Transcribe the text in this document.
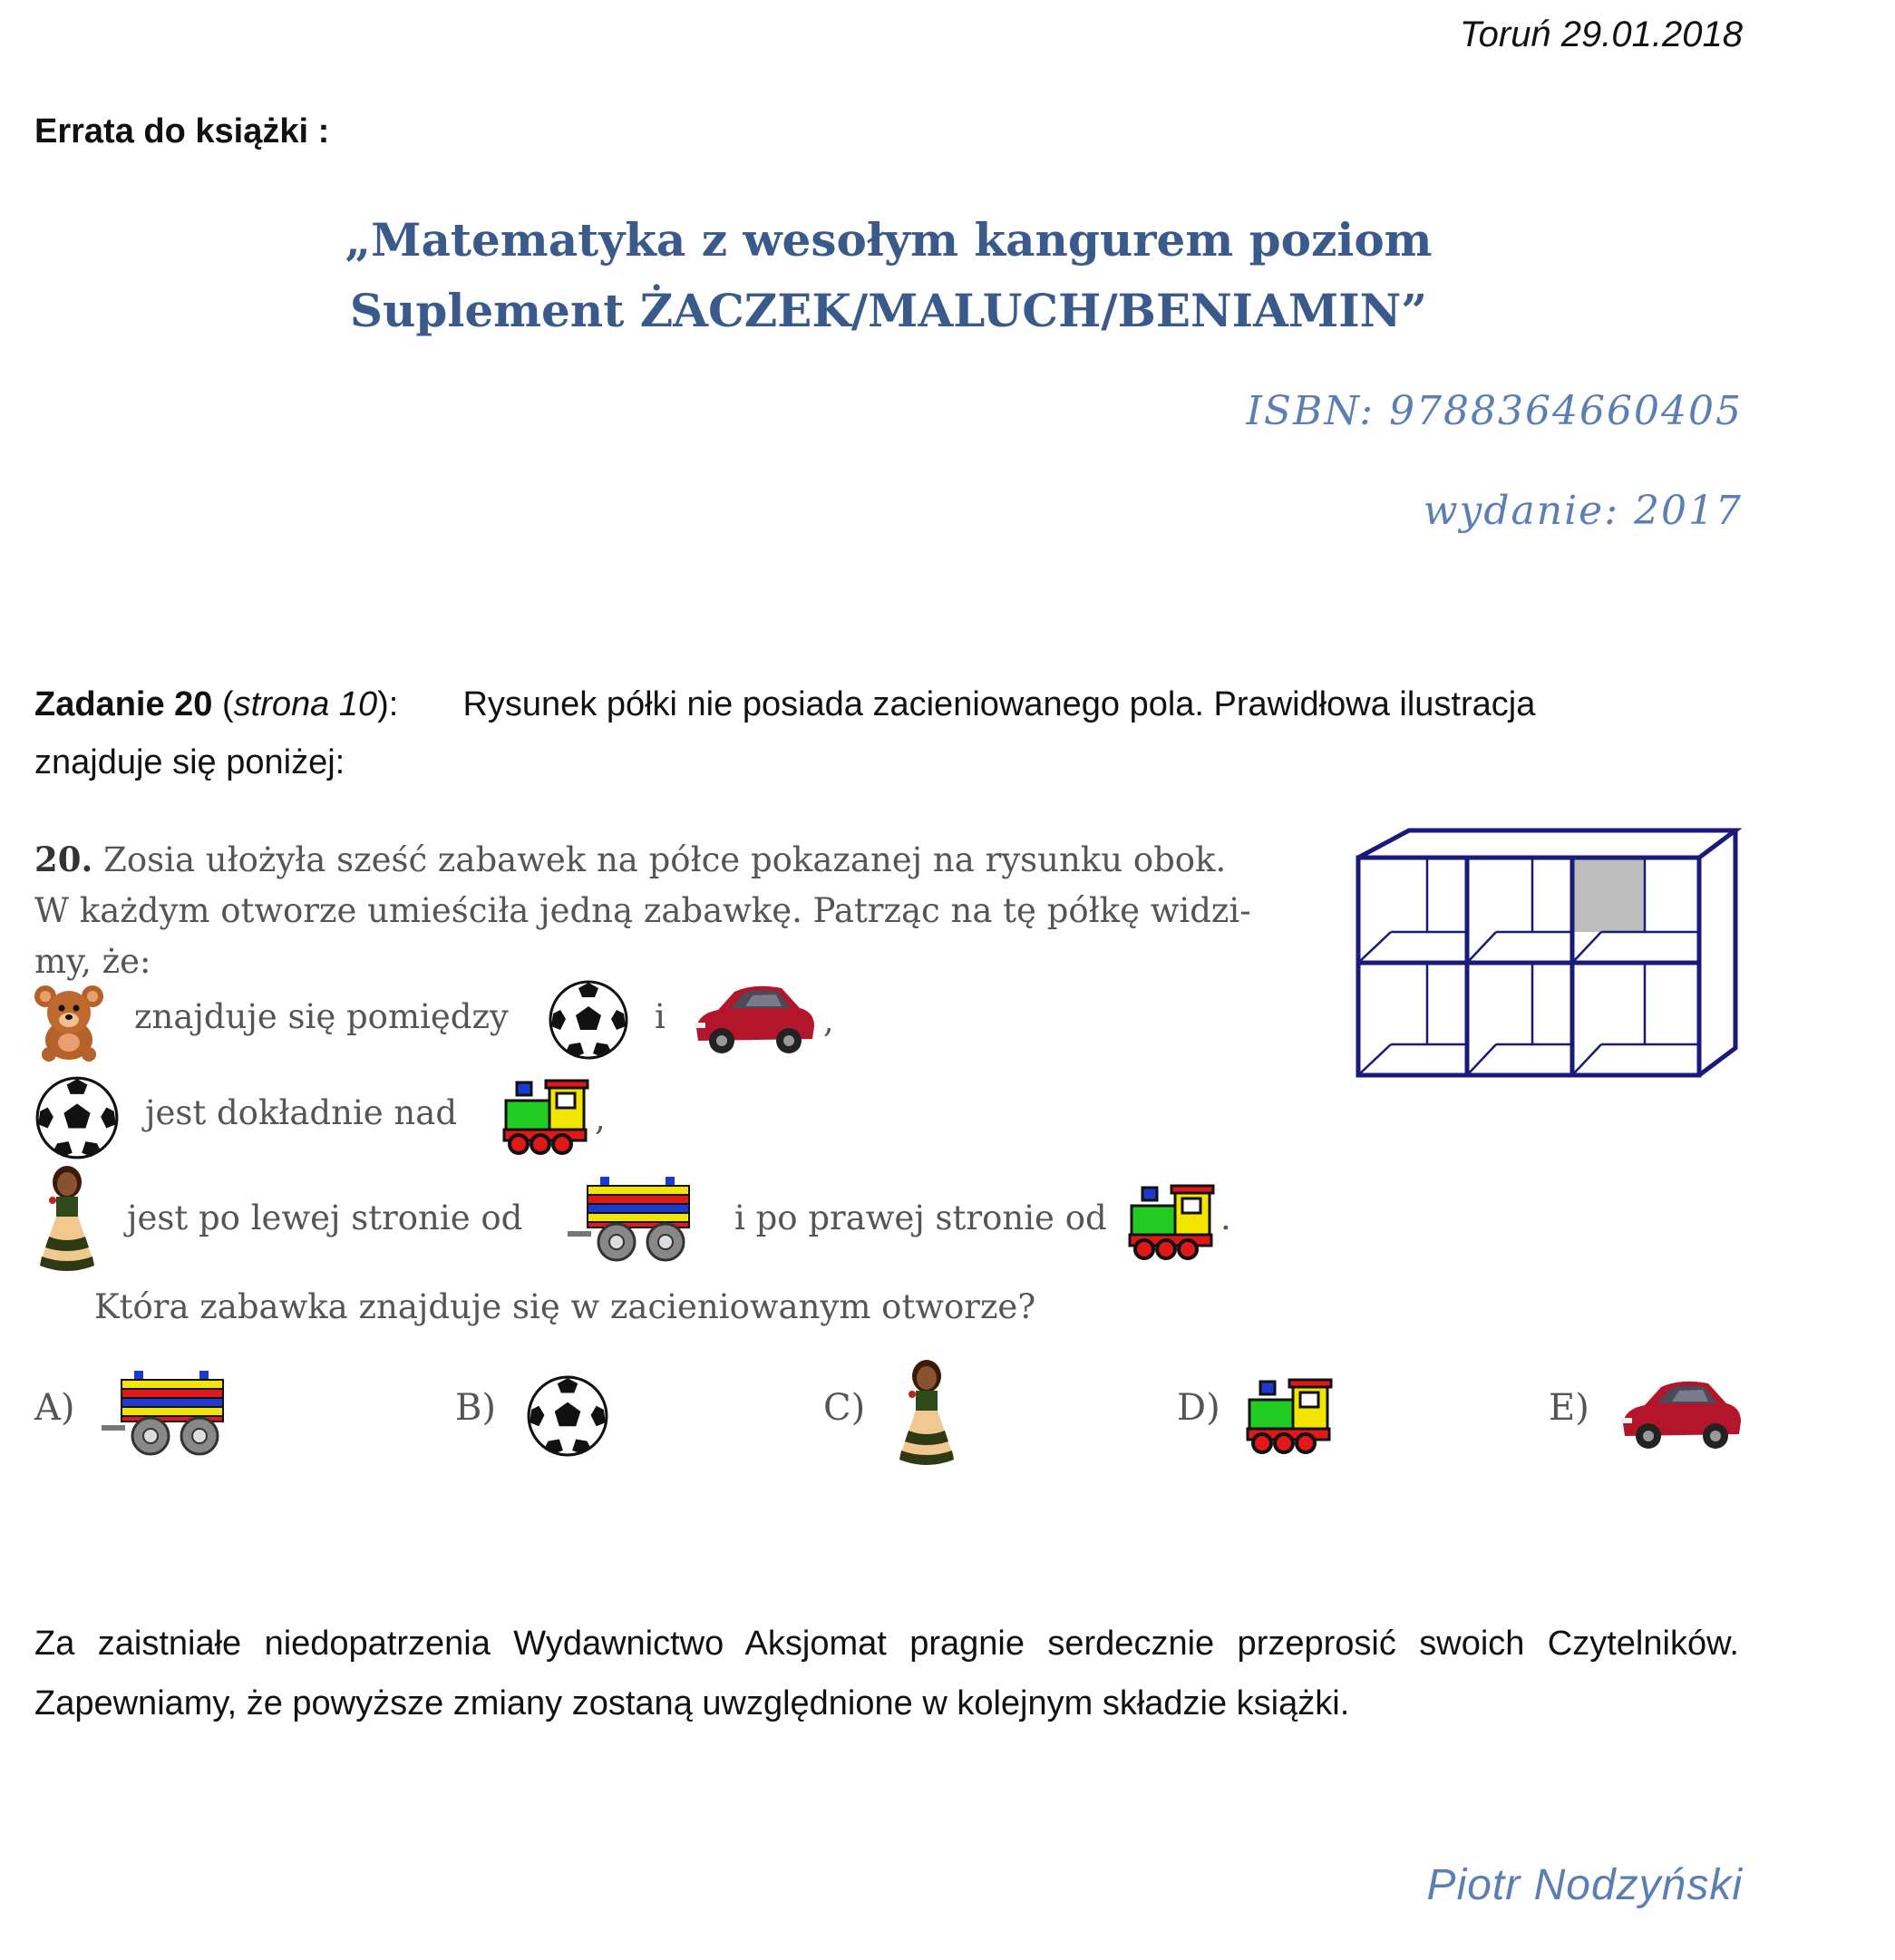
Toruń 29.01.2018
Errata do książki :
„Matematyka z wesołym kangurem poziom
Suplement ŻACZEK/MALUCH/BENIAMIN”
ISBN: 9788364660405
wydanie: 2017
Zadanie 20 (strona 10): Rysunek półki nie posiada zacieniowanego pola. Prawidłowa ilustracja znajduje się poniżej:
20. Zosia ułożyła sześć zabawek na półce pokazanej na rysunku obok.
W każdym otworze umieściła jedną zabawkę. Patrząc na tę półkę widzi-
my, że:
znajduje się pomiędzy	i	,
jest dokładnie nad	,
jest po lewej stronie od	i po prawej stronie od	.
Która zabawka znajduje się w zacieniowanym otworze?
A)	B)	C)	D)	E)
Za zaistniałe niedopatrzenia Wydawnictwo Aksjomat pragnie serdecznie przeprosić swoich Czytelników. Zapewniamy, że powyższe zmiany zostaną uwzględnione w kolejnym składzie książki.
Piotr Nodzyński
